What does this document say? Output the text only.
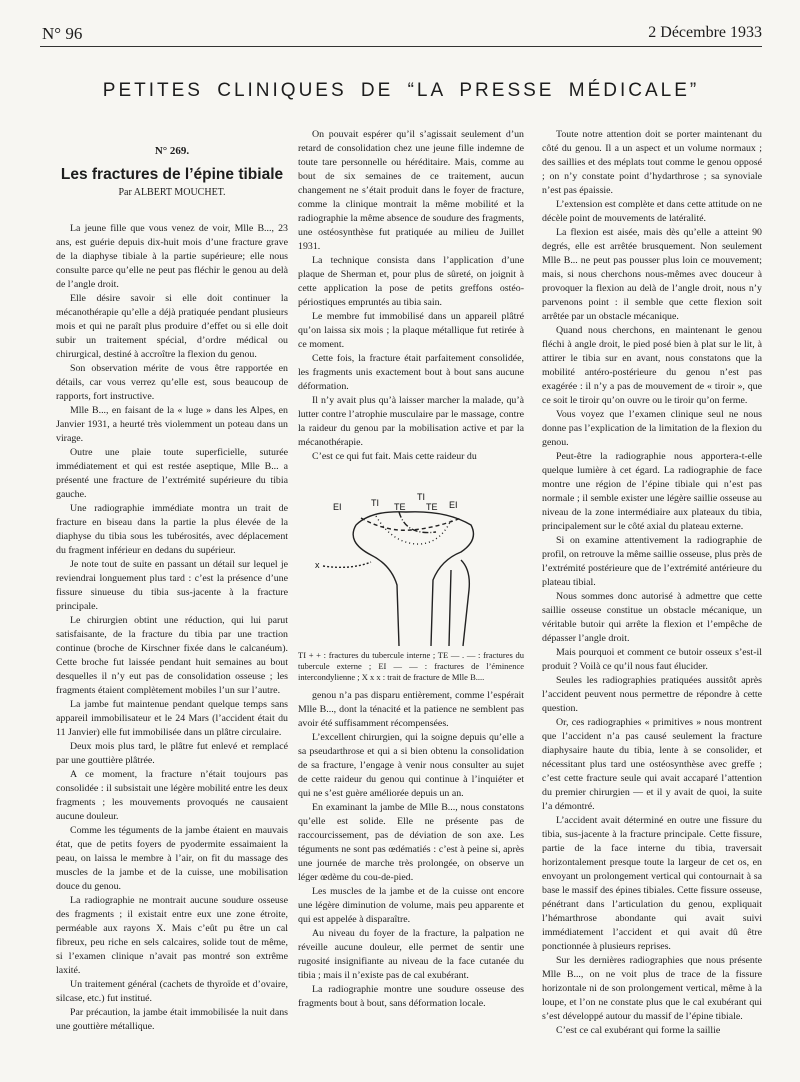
N° 96	2 Décembre 1933
PETITES CLINIQUES DE “LA PRESSE MÉDICALE”
N° 269.
Les fractures de l’épine tibiale
Par ALBERT MOUCHET.

La jeune fille que vous venez de voir, Mlle B..., 23 ans, est guérie depuis dix-huit mois d’une fracture grave de la diaphyse tibiale à la partie supérieure; elle nous consulte parce qu’elle ne peut pas fléchir le genou au delà de l’angle droit.

Elle désire savoir si elle doit continuer la mécanothérapie qu’elle a déjà pratiquée pendant plusieurs mois et qui ne paraît plus produire d’effet ou si elle doit subir un traitement spécial, d’ordre médical ou chirurgical, destiné à accroître la flexion du genou.

Son observation mérite de vous être rapportée en détails, car vous verrez qu’elle est, sous beaucoup de rapports, fort instructive.

Mlle B..., en faisant de la « luge » dans les Alpes, en Janvier 1931, a heurté très violemment un poteau dans un virage.

Outre une plaie toute superficielle, suturée immédiatement et qui est restée aseptique, Mlle B... a présenté une fracture de l’extrémité supérieure du tibia gauche.

Une radiographie immédiate montra un trait de fracture en biseau dans la partie la plus élevée de la diaphyse du tibia sous les tubérosités, avec déplacement du fragment inférieur en dedans du supérieur.

Je note tout de suite en passant un détail sur lequel je reviendrai longuement plus tard : c’est la présence d’une fissure sinueuse du tibia sus-jacente à la fracture principale.

Le chirurgien obtint une réduction, qui lui parut satisfaisante, de la fracture du tibia par une traction continue (broche de Kirschner fixée dans le calcanéum). Cette broche fut laissée pendant huit semaines au bout desquelles il n’y eut pas de consolidation osseuse ; les fragments étaient complètement mobiles l’un sur l’autre.

La jambe fut maintenue pendant quelque temps sans appareil immobilisateur et le 24 Mars (l’accident était du 11 Janvier) elle fut immobilisée dans un plâtre circulaire.

Deux mois plus tard, le plâtre fut enlevé et remplacé par une gouttière plâtrée.

A ce moment, la fracture n’était toujours pas consolidée : il subsistait une légère mobilité entre les deux fragments ; les mouvements provoqués ne causaient aucune douleur.

Comme les téguments de la jambe étaient en mauvais état, que de petits foyers de pyodermite essaimaient la peau, on laissa le membre à l’air, on fit du massage des muscles de la jambe et de la cuisse, une mobilisation douce du genou.

La radiographie ne montrait aucune soudure osseuse des fragments ; il existait entre eux une zone étroite, perméable aux rayons X. Mais c’eût pu être un cal fibreux, peu riche en sels calcaires, solide tout de même, si l’examen clinique n’avait pas montré son extrême laxité.

Un traitement général (cachets de thyroïde et d’ovaire, silcase, etc.) fut institué.

Par précaution, la jambe était immobilisée la nuit dans une gouttière métallique.

On pouvait espérer qu’il s’agissait seulement d’un retard de consolidation chez une jeune fille indemne de toute tare personnelle ou héréditaire. Mais, comme au bout de six semaines de ce traitement, aucun changement ne s’était produit dans le foyer de fracture, comme la clinique montrait la même mobilité et la radiographie la même absence de soudure des fragments, une ostéosynthèse fut pratiquée au milieu de Juillet 1931.

La technique consista dans l’application d’une plaque de Sherman et, pour plus de sûreté, on joignit à cette application la pose de petits greffons ostéo-périostiques empruntés au tibia sain.

Le membre fut immobilisé dans un appareil plâtré qu’on laissa six mois ; la plaque métallique fut retirée à ce moment.

Cette fois, la fracture était parfaitement consolidée, les fragments unis exactement bout à bout sans aucune déformation.

Il n’y avait plus qu’à laisser marcher la malade, qu’à lutter contre l’atrophie musculaire par le massage, contre la raideur du genou par la mobilisation active et par la mécanothérapie.

C’est ce qui fut fait. Mais cette raideur du

EI	TI TE
TI
TE EI
x
TI + + : fractures du tubercule interne ; TE — . — : fractures du tubercule externe ; EI — — : fractures de l’éminence intercondylienne ; X x x : trait de fracture de Mlle B....

genou n’a pas disparu entièrement, comme l’espérait Mlle B..., dont la ténacité et la patience ne semblent pas avoir été suffisamment récompensées.

L’excellent chirurgien, qui la soigne depuis qu’elle a sa pseudarthrose et qui a si bien obtenu la consolidation de sa fracture, l’engage à venir nous consulter au sujet de cette raideur du genou qui continue à l’inquiéter et qui ne s’est guère améliorée depuis un an.

En examinant la jambe de Mlle B..., nous constatons qu’elle est solide. Elle ne présente pas de raccourcissement, pas de déviation de son axe. Les téguments ne sont pas œdématiés : c’est à peine si, après une journée de marche très prolongée, on observe un léger œdème du cou-de-pied.

Les muscles de la jambe et de la cuisse ont encore une légère diminution de volume, mais peu apparente et qui est appelée à disparaître.

Au niveau du foyer de la fracture, la palpation ne réveille aucune douleur, elle permet de sentir une rugosité insignifiante au niveau de la face cutanée du tibia ; mais il n’existe pas de cal exubérant.

La radiographie montre une soudure osseuse des fragments bout à bout, sans déformation locale.

Toute notre attention doit se porter maintenant du côté du genou. Il a un aspect et un volume normaux ; des saillies et des méplats tout comme le genou opposé ; on n’y constate point d’hydarthrose ; sa synoviale n’est pas épaissie.

L’extension est complète et dans cette attitude on ne décèle point de mouvements de latéralité.

La flexion est aisée, mais dès qu’elle a atteint 90 degrés, elle est arrêtée brusquement. Non seulement Mlle B... ne peut pas pousser plus loin ce mouvement; mais, si nous cherchons nous-mêmes avec douceur à provoquer la flexion au delà de l’angle droit, nous n’y parvenons point : il semble que cette flexion soit arrêtée par un obstacle mécanique.

Quand nous cherchons, en maintenant le genou fléchi à angle droit, le pied posé bien à plat sur le lit, à attirer le tibia sur en avant, nous constatons que la mobilité antéro-postérieure du genou n’est pas exagérée : il n’y a pas de mouvement de « tiroir », que ce soit le tiroir qu’on ouvre ou le tiroir qu’on ferme.

Vous voyez que l’examen clinique seul ne nous donne pas l’explication de la limitation de la flexion du genou.

Peut-être la radiographie nous apportera-t-elle quelque lumière à cet égard. La radiographie de face montre une région de l’épine tibiale qui n’est pas normale ; il semble exister une légère saillie osseuse au niveau de la zone intermédiaire aux plateaux du tibia, principalement sur le côté axial du plateau externe.

Si on examine attentivement la radiographie de profil, on retrouve la même saillie osseuse, plus près de l’extrémité postérieure que de l’extrémité antérieure du plateau tibial.

Nous sommes donc autorisé à admettre que cette saillie osseuse constitue un obstacle mécanique, un véritable butoir qui arrête la flexion et l’empêche de dépasser l’angle droit.

Mais pourquoi et comment ce butoir osseux s’est-il produit ? Voilà ce qu’il nous faut élucider.

Seules les radiographies pratiquées aussitôt après l’accident peuvent nous permettre de répondre à cette question.

Or, ces radiographies « primitives » nous montrent que l’accident n’a pas causé seulement la fracture diaphysaire haute du tibia, lente à se consolider, et nécessitant plus tard une ostéosynthèse avec greffe ; c’est cette fracture seule qui avait accaparé l’attention du premier chirurgien — et il y avait de quoi, la suite l’a démontré.

L’accident avait déterminé en outre une fissure du tibia, sus-jacente à la fracture principale. Cette fissure, partie de la face interne du tibia, traversait horizontalement presque toute la largeur de cet os, en envoyant un prolongement vertical qui contournait à sa base le massif des épines tibiales. Cette fissure osseuse, pénétrant dans l’articulation du genou, expliquait l’hémarthrose abondante qui avait suivi immédiatement l’accident et qui avait dû être ponctionnée à plusieurs reprises.

Sur les dernières radiographies que nous présente Mlle B..., on ne voit plus de trace de la fissure horizontale ni de son prolongement vertical, même à la loupe, et l’on ne constate plus que le cal exubérant qui s’est développé autour du massif de l’épine tibiale.

C’est ce cal exubérant qui forme la saillie
